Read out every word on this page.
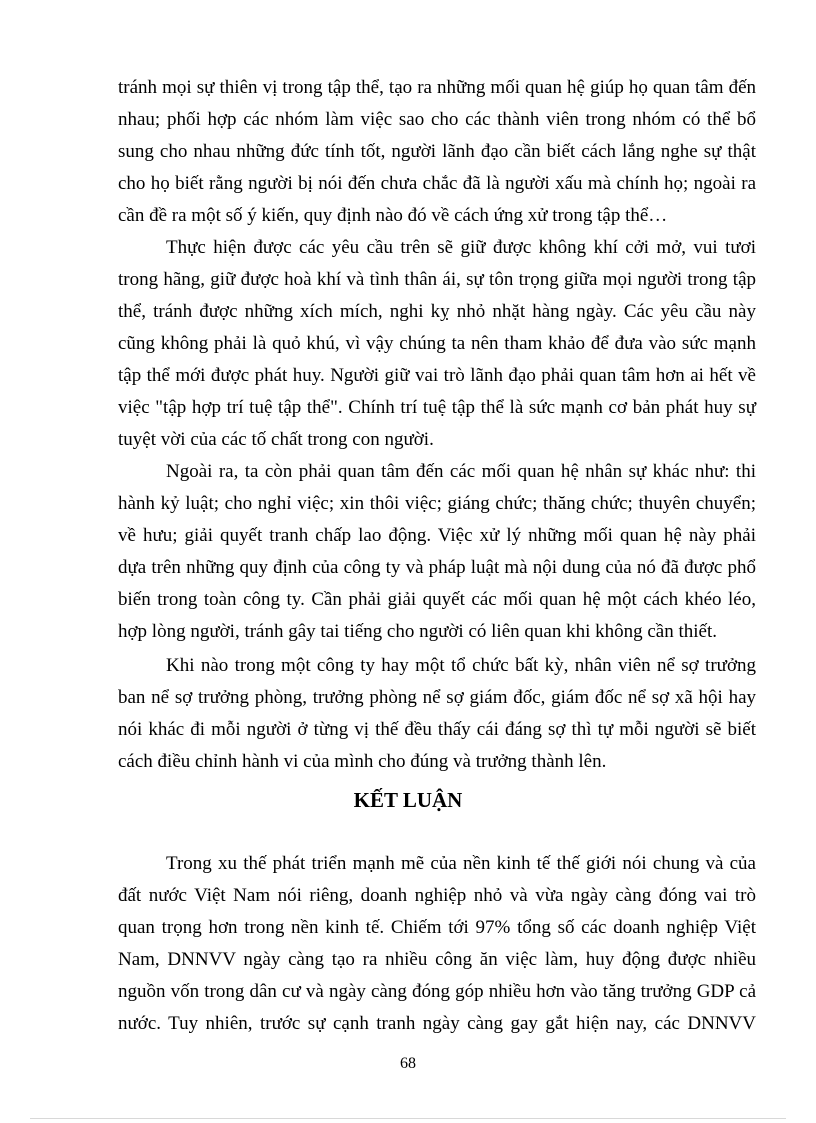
tránh mọi sự thiên vị trong tập thể, tạo ra những mối quan hệ giúp họ quan tâm đến
nhau; phối hợp các nhóm làm việc sao cho các thành viên trong nhóm có thể bổ
sung cho nhau những đức tính tốt, người lãnh đạo cần biết cách lắng nghe sự thật
cho họ biết rằng người bị nói đến chưa chắc đã là người xấu mà chính họ; ngoài ra
cần đề ra một số ý kiến, quy định nào đó về cách ứng xử trong tập thể…
Thực hiện được các yêu cầu trên sẽ giữ được không khí cởi mở, vui tươi
trong hãng, giữ được hoà khí và tình thân ái, sự tôn trọng giữa mọi người trong tập
thể, tránh được những xích mích, nghi kỵ nhỏ nhặt hàng ngày. Các yêu cầu này
cũng không phải là quỏ khú, vì vậy chúng ta nên tham khảo để đưa vào sức mạnh
tập thể mới được phát huy. Người giữ vai trò lãnh đạo phải quan tâm hơn ai hết về
việc "tập hợp trí tuệ tập thể". Chính trí tuệ tập thể là sức mạnh cơ bản phát huy sự
tuyệt vời của các tố chất trong con người.
Ngoài ra, ta còn phải quan tâm đến các mối quan hệ nhân sự khác như: thi
hành kỷ luật; cho nghỉ việc; xin thôi việc; giáng chức; thăng chức; thuyên chuyển;
về hưu; giải quyết tranh chấp lao động. Việc xử lý những mối quan hệ này phải
dựa trên những quy định của công ty và pháp luật mà nội dung của nó đã được phổ
biến trong toàn công ty. Cần phải giải quyết các mối quan hệ một cách khéo léo,
hợp lòng người, tránh gây tai tiếng cho người có liên quan khi không cần thiết.
Khi nào trong một công ty hay một tổ chức bất kỳ, nhân viên nể sợ trưởng
ban nể sợ trưởng phòng, trưởng phòng nể sợ giám đốc, giám đốc nể sợ xã hội hay
nói khác đi mỗi người ở từng vị thế đều thấy cái đáng sợ thì tự mỗi người sẽ biết
cách điều chỉnh hành vi của mình cho đúng và trưởng thành lên.
KẾT LUẬN
Trong xu thế phát triển mạnh mẽ của nền kinh tế thế giới nói chung và của
đất nước Việt Nam nói riêng, doanh nghiệp nhỏ và vừa ngày càng đóng vai trò
quan trọng hơn trong nền kinh tế. Chiếm tới 97% tổng số các doanh nghiệp Việt
Nam, DNNVV ngày càng tạo ra nhiều công ăn việc làm, huy động được nhiều
nguồn vốn trong dân cư và ngày càng đóng góp nhiều hơn vào tăng trưởng GDP cả
nước. Tuy nhiên, trước sự cạnh tranh ngày càng gay gắt hiện nay, các DNNVV
68
